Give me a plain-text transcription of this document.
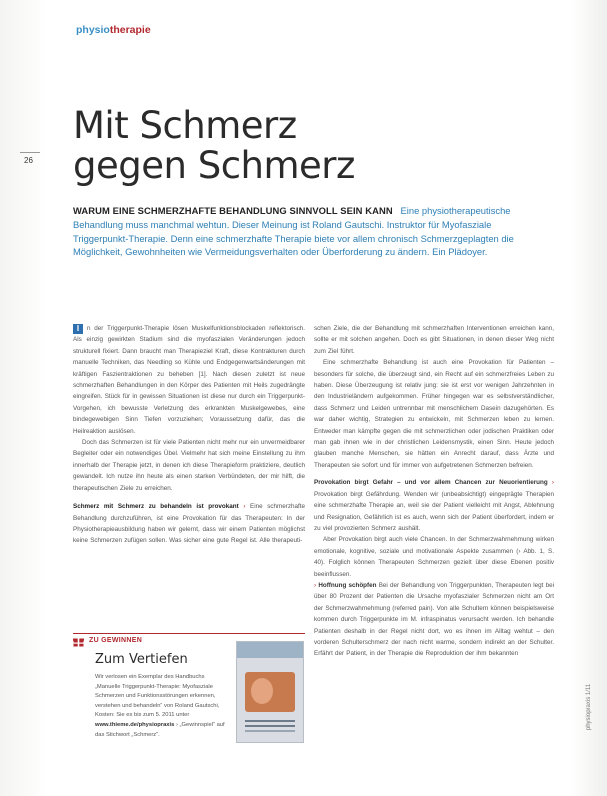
physiotherapie
26
Mit Schmerz
gegen Schmerz
WARUM EINE SCHMERZHAFTE BEHANDLUNG SINNVOLL SEIN KANN Eine physiotherapeutische Behandlung muss manchmal wehtun. Dieser Meinung ist Roland Gautschi. Instruktor für Myofasziale Triggerpunkt-Therapie. Denn eine schmerzhafte Therapie biete vor allem chronisch Schmerzgeplagten die Möglichkeit, Gewohnheiten wie Vermeidungsverhalten oder Überforderung zu ändern. Ein Plädoyer.

I	n der Triggerpunkt-Therapie lösen Muskelfunktionsblockaden reflektorisch. Als einzig gewirkten Stadium sind die myofaszialen Veränderungen jedoch strukturell fixiert. Dann braucht man Therapieziel Kraft, diese Kontrakturen durch manuelle Techniken, das Needling so Kühle und Endgegenwartsänderungen mit kräftigen Faszientraktionen zu beheben [1]. Nach diesen zuletzt ist neue schmerzhaften Behandlungen in den Körper des Patienten mit Heils zugedrängte eingreifen. Stück für in gewissen Situationen ist diese nur durch ein Triggerpunkt-Vorgehen, ich bewusste Verletzung des erkrankten Muskelgewebes, eine bindegewebigen Sinn Tiefen vorzuziehen; Voraussetzung dafür, das die Heilreaktion auslösen.

Doch das Schmerzen ist für viele Patienten nicht mehr nur ein unvermeidbarer Begleiter oder ein notwendiges Übel. Vielmehr hat sich meine Einstellung zu ihm innerhalb der Therapie jetzt, in denen ich diese Therapieform praktiziere, deutlich gewandelt. Ich nutze ihn heute als einen starken Verbündeten, der mir hilft, die therapeutischen Ziele zu erreichen.

Schmerz mit Schmerz zu behandeln ist provokant › Eine schmerzhafte Behandlung durchzuführen, ist eine Provokation für das Therapeuten: In der Physiotherapieausbildung haben wir gelernt, dass wir einem Patienten möglichst keine Schmerzen zufügen sollen. Was sicher eine gute Regel ist. Alle therapeuti-

schen Ziele, die der Behandlung mit schmerzhaften Interventionen erreichen kann, sollte er mit solchen angehen. Doch es gibt Situationen, in denen dieser Weg nicht zum Ziel führt.

Eine schmerzhafte Behandlung ist auch eine Provokation für Patienten – besonders für solche, die überzeugt sind, ein Recht auf ein schmerzfreies Leben zu haben. Diese Überzeugung ist relativ jung: sie ist erst vor wenigen Jahrzehnten in den Industrieländern aufgekommen. Früher hingegen war es selbstverständlicher, dass Schmerz und Leiden untrennbar mit menschlichem Dasein dazugehörten. Es war daher wichtig, Strategien zu entwickeln, mit Schmerzen leben zu lernen. Entweder man kämpfte gegen die mit schmerzlichen oder jodischen Praktiken oder man gab ihnen wie in der christlichen Leidensmystik, einen Sinn. Heute jedoch glauben manche Menschen, sie hätten ein Anrecht darauf, dass Ärzte und Therapeuten sie sofort und für immer von aufgetretenen Schmerzen befreien.

Provokation birgt Gefahr – und vor allem Chancen zur Neuorientierung › Provokation birgt Gefährdung. Wenden wir (unbeabsichtigt) eingeprägte Therapien eine schmerzhafte Therapie an, weil sie der Patient vielleicht mit Angst, Ablehnung und Resignation, Gefährlich ist es auch, wenn sich der Patient überfordert, indem er zu viel provozierten Schmerz aushält.

Aber Provokation birgt auch viele Chancen. In der Schmerzwahrnehmung wirken emotionale, kognitive, soziale und motivationale Aspekte zusammen (› Abb. 1, S. 40). Folglich können Therapeuten Schmerzen gezielt über diese Ebenen positiv beeinflussen.

› Hoffnung schöpfen Bei der Behandlung von Triggerpunkten, Therapeuten legt bei über 80 Prozent der Patienten die Ursache myofaszialer Schmerzen nicht am Ort der Schmerzwahrnehmung (referred pain). Von alle Schultern können beispielsweise kommen durch Triggerpunkte im M. infraspinatus verursacht werden. Ich behandle Patienten deshalb in der Regel nicht dort, wo es ihnen im Alltag wehtut – den vorderen Schulterschmerz der nach nicht warme, sondern indirekt an der Schulter. Erfährt der Patient, in der Therapie die Reproduktion der ihm bekannten

ZU GEWINNEN
Zum Vertiefen
Wir verlosen ein Exemplar des Handbuchs „Manuelle Triggerpunkt-Therapie: Myofasziale Schmerzen und Funktionsstörungen erkennen, verstehen und behandeln“ von Roland Gautschi, Kosten: Sie es bis zum 5. 2011 unter www.thieme.de/physiopraxis › „Gewinnspiel“ auf das Stichwort „Schmerz“.
physiopraxis 1/11
